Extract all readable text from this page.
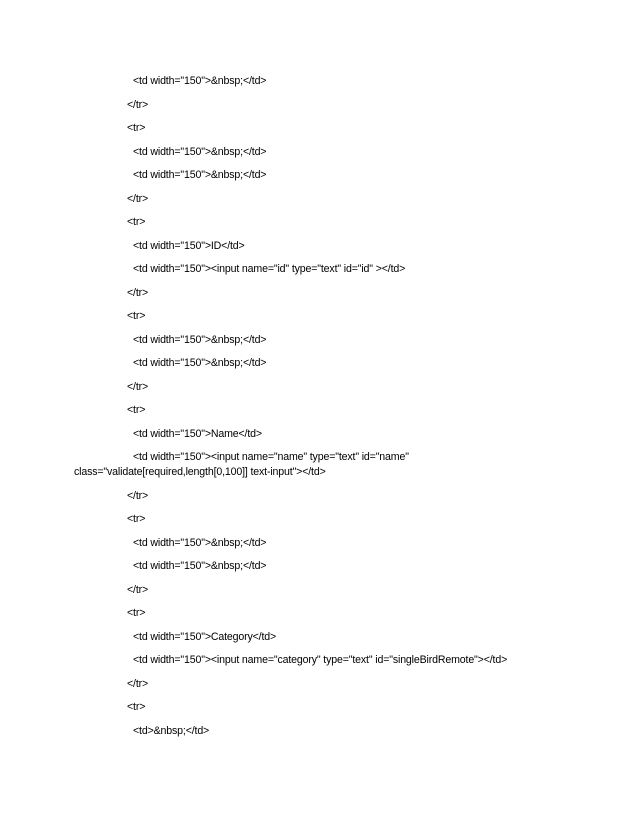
<td width="150">&nbsp;</td>
</tr>
<tr>
<td width="150">&nbsp;</td>
<td width="150">&nbsp;</td>
</tr>
<tr>
<td width="150">ID</td>
<td width="150"><input name="id" type="text" id="id" ></td>
</tr>
<tr>
<td width="150">&nbsp;</td>
<td width="150">&nbsp;</td>
</tr>
<tr>
<td width="150">Name</td>
<td width="150"><input name="name" type="text" id="name"
class="validate[required,length[0,100]] text-input"></td>
</tr>
<tr>
<td width="150">&nbsp;</td>
<td width="150">&nbsp;</td>
</tr>
<tr>
<td width="150">Category</td>
<td width="150"><input name="category" type="text" id="singleBirdRemote"></td>
</tr>
<tr>
<td>&nbsp;</td>
